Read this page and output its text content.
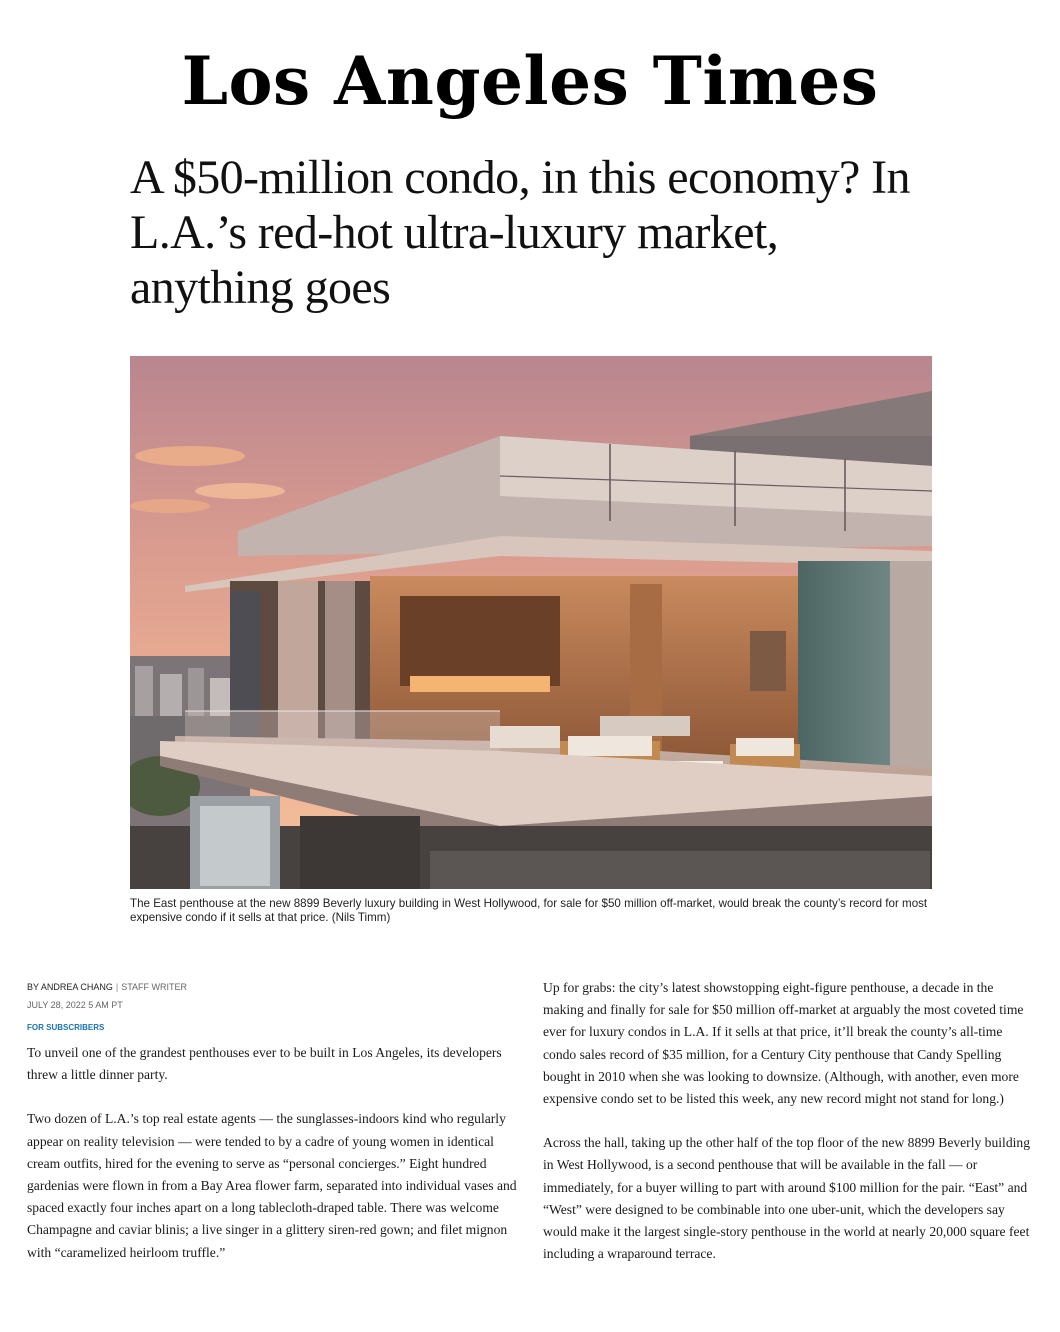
Los Angeles Times
A $50-million condo, in this economy? In L.A.’s red-hot ultra-luxury market, anything goes
The East penthouse at the new 8899 Beverly luxury building in West Hollywood, for sale for $50 million off-market, would break the county’s record for most expensive condo if it sells at that price. (Nils Timm)
BY ANDREA CHANG | STAFF WRITER
JULY 28, 2022 5 AM PT
FOR SUBSCRIBERS

To unveil one of the grandest penthouses ever to be built in Los Angeles, its developers threw a little dinner party.

Two dozen of L.A.’s top real estate agents — the sunglasses-indoors kind who regularly appear on reality television — were tended to by a cadre of young women in identical cream outfits, hired for the evening to serve as “personal concierges.” Eight hundred gardenias were flown in from a Bay Area flower farm, separated into individual vases and spaced exactly four inches apart on a long tablecloth-draped table. There was welcome Champagne and caviar blinis; a live singer in a glittery siren-red gown; and filet mignon with “caramelized heirloom truffle.”

Up for grabs: the city’s latest showstopping eight-figure penthouse, a decade in the making and finally for sale for $50 million off-market at arguably the most coveted time ever for luxury condos in L.A. If it sells at that price, it’ll break the county’s all-time condo sales record of $35 million, for a Century City penthouse that Candy Spelling bought in 2010 when she was looking to downsize. (Although, with another, even more expensive condo set to be listed this week, any new record might not stand for long.)

Across the hall, taking up the other half of the top floor of the new 8899 Beverly building in West Hollywood, is a second penthouse that will be available in the fall — or immediately, for a buyer willing to part with around $100 million for the pair. “East” and “West” were designed to be combinable into one uber-unit, which the developers say would make it the largest single-story penthouse in the world at nearly 20,000 square feet including a wraparound terrace.
